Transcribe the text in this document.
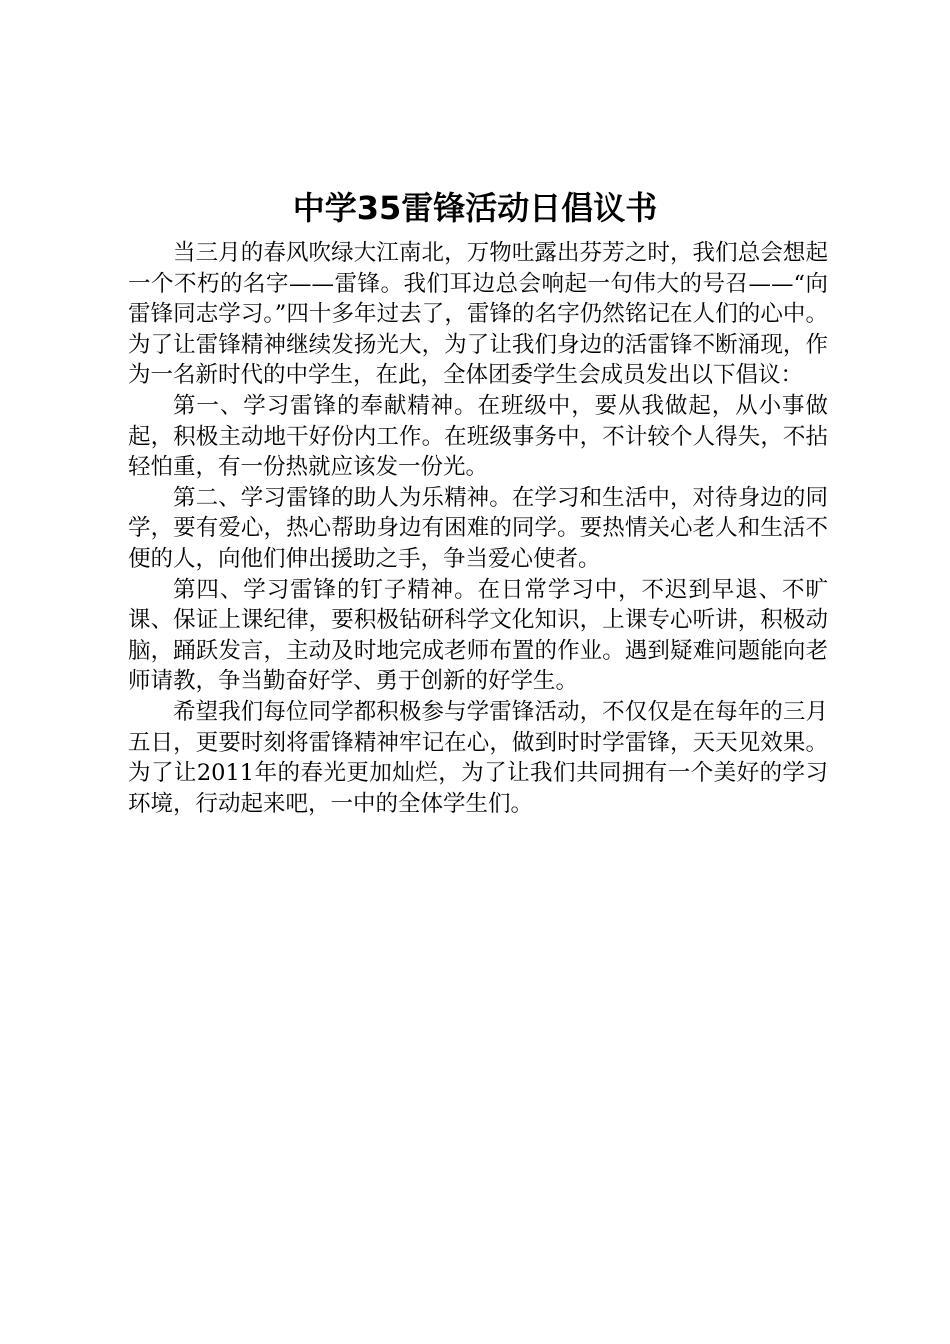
中学35雷锋活动日倡议书

当三月的春风吹绿大江南北，万物吐露出芬芳之时，我们总会想起一个不朽的名字——雷锋。我们耳边总会响起一句伟大的号召——“向雷锋同志学习。”四十多年过去了，雷锋的名字仍然铭记在人们的心中。为了让雷锋精神继续发扬光大，为了让我们身边的活雷锋不断涌现，作为一名新时代的中学生，在此，全体团委学生会成员发出以下倡议：

第一、学习雷锋的奉献精神。在班级中，要从我做起，从小事做起，积极主动地干好份内工作。在班级事务中，不计较个人得失，不拈轻怕重，有一份热就应该发一份光。

第二、学习雷锋的助人为乐精神。在学习和生活中，对待身边的同学，要有爱心，热心帮助身边有困难的同学。要热情关心老人和生活不便的人，向他们伸出援助之手，争当爱心使者。

第四、学习雷锋的钉子精神。在日常学习中，不迟到早退、不旷课、保证上课纪律，要积极钻研科学文化知识，上课专心听讲，积极动脑，踊跃发言，主动及时地完成老师布置的作业。遇到疑难问题能向老师请教，争当勤奋好学、勇于创新的好学生。

希望我们每位同学都积极参与学雷锋活动，不仅仅是在每年的三月五日，更要时刻将雷锋精神牢记在心，做到时时学雷锋，天天见效果。为了让2011年的春光更加灿烂，为了让我们共同拥有一个美好的学习环境，行动起来吧，一中的全体学生们。
